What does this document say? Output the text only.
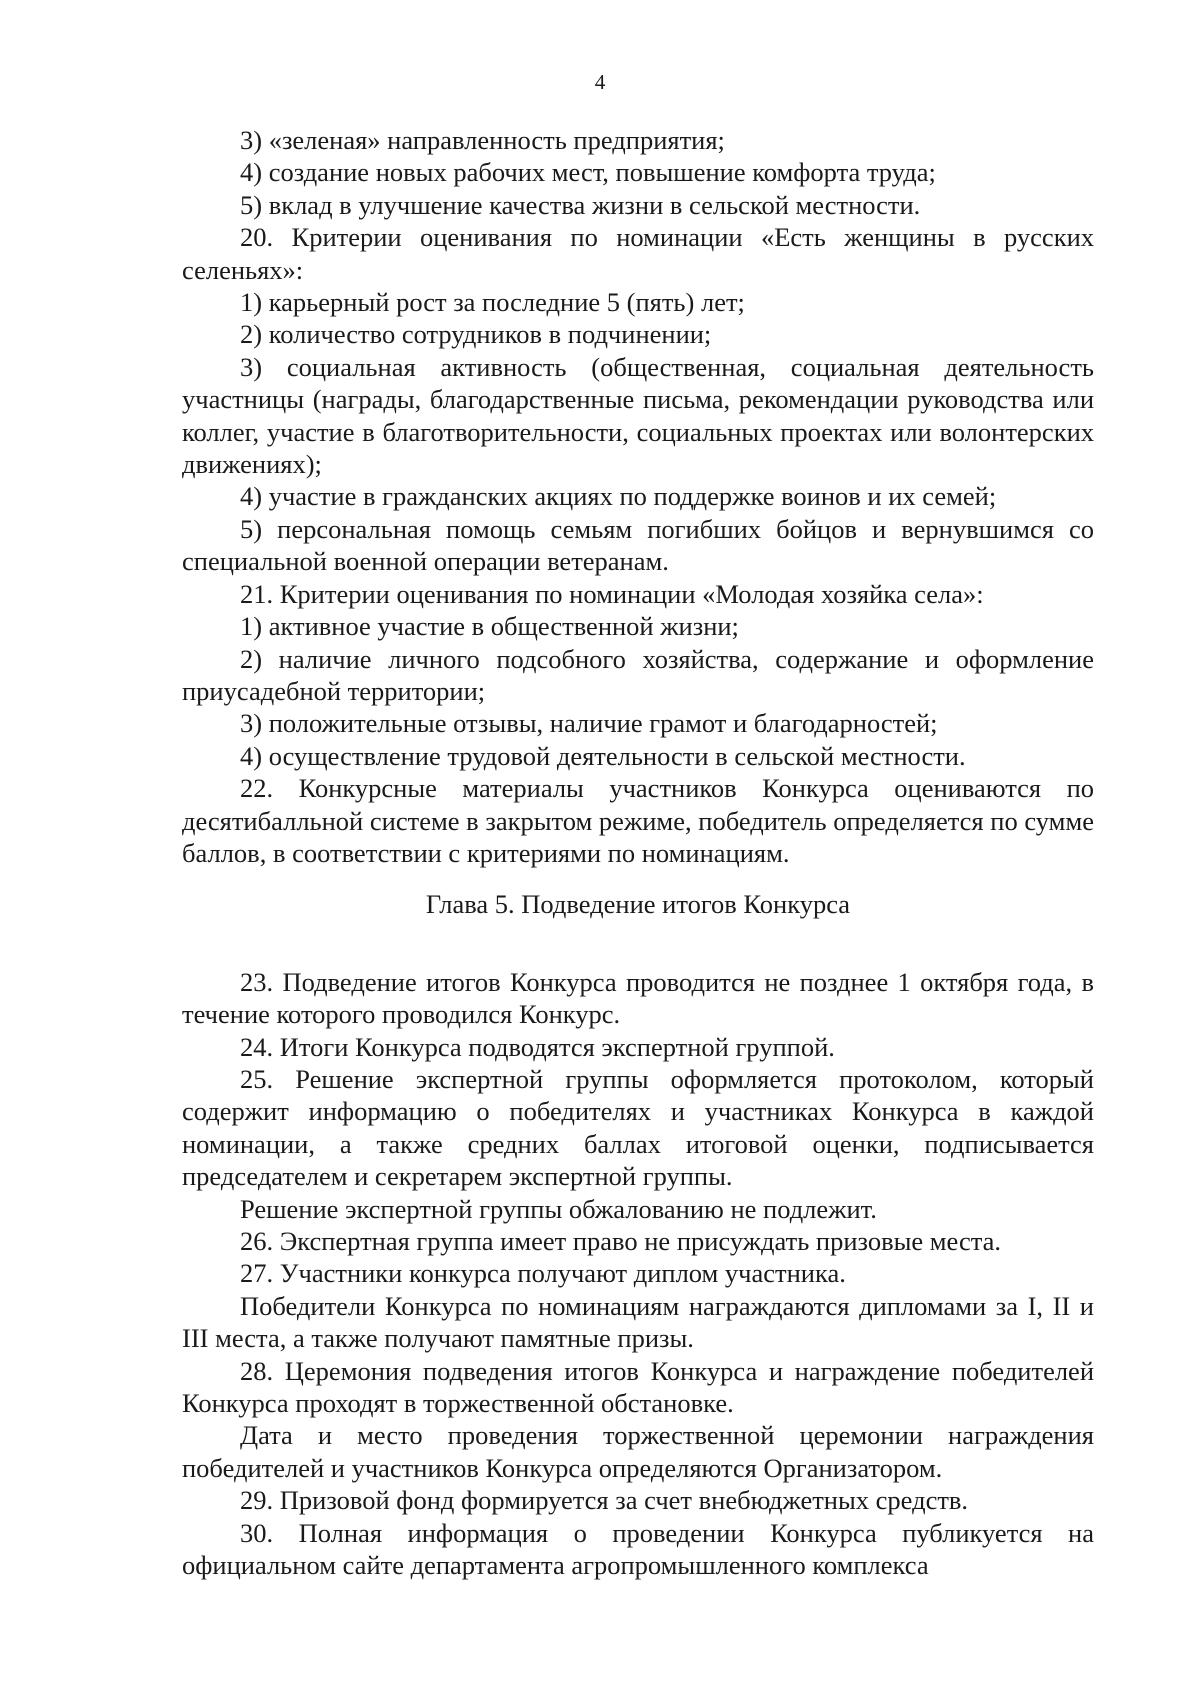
4

3) «зеленая» направленность предприятия;

4) создание новых рабочих мест, повышение комфорта труда;

5) вклад в улучшение качества жизни в сельской местности.

20. Критерии оценивания по номинации «Есть женщины в русских селеньях»:

1) карьерный рост за последние 5 (пять) лет;

2) количество сотрудников в подчинении;

3) социальная активность (общественная, социальная деятельность участницы (награды, благодарственные письма, рекомендации руководства или коллег, участие в благотворительности, социальных проектах или волонтерских движениях);

4) участие в гражданских акциях по поддержке воинов и их семей;

5) персональная помощь семьям погибших бойцов и вернувшимся со специальной военной операции ветеранам.

21. Критерии оценивания по номинации «Молодая хозяйка села»:

1) активное участие в общественной жизни;

2) наличие личного подсобного хозяйства, содержание и оформление приусадебной территории;

3) положительные отзывы, наличие грамот и благодарностей;

4) осуществление трудовой деятельности в сельской местности.

22. Конкурсные материалы участников Конкурса оцениваются по десятибалльной системе в закрытом режиме, победитель определяется по сумме баллов, в соответствии с критериями по номинациям.

Глава 5. Подведение итогов Конкурса

23. Подведение итогов Конкурса проводится не позднее 1 октября года, в течение которого проводился Конкурс.

24. Итоги Конкурса подводятся экспертной группой.

25. Решение экспертной группы оформляется протоколом, который содержит информацию о победителях и участниках Конкурса в каждой номинации, а также средних баллах итоговой оценки, подписывается председателем и секретарем экспертной группы.

Решение экспертной группы обжалованию не подлежит.

26. Экспертная группа имеет право не присуждать призовые места.

27. Участники конкурса получают диплом участника.

Победители Конкурса по номинациям награждаются дипломами за I, II и III места, а также получают памятные призы.

28. Церемония подведения итогов Конкурса и награждение победителей Конкурса проходят в торжественной обстановке.

Дата и место проведения торжественной церемонии награждения победителей и участников Конкурса определяются Организатором.

29. Призовой фонд формируется за счет внебюджетных средств.

30. Полная информация о проведении Конкурса публикуется на официальном сайте департамента агропромышленного комплекса
